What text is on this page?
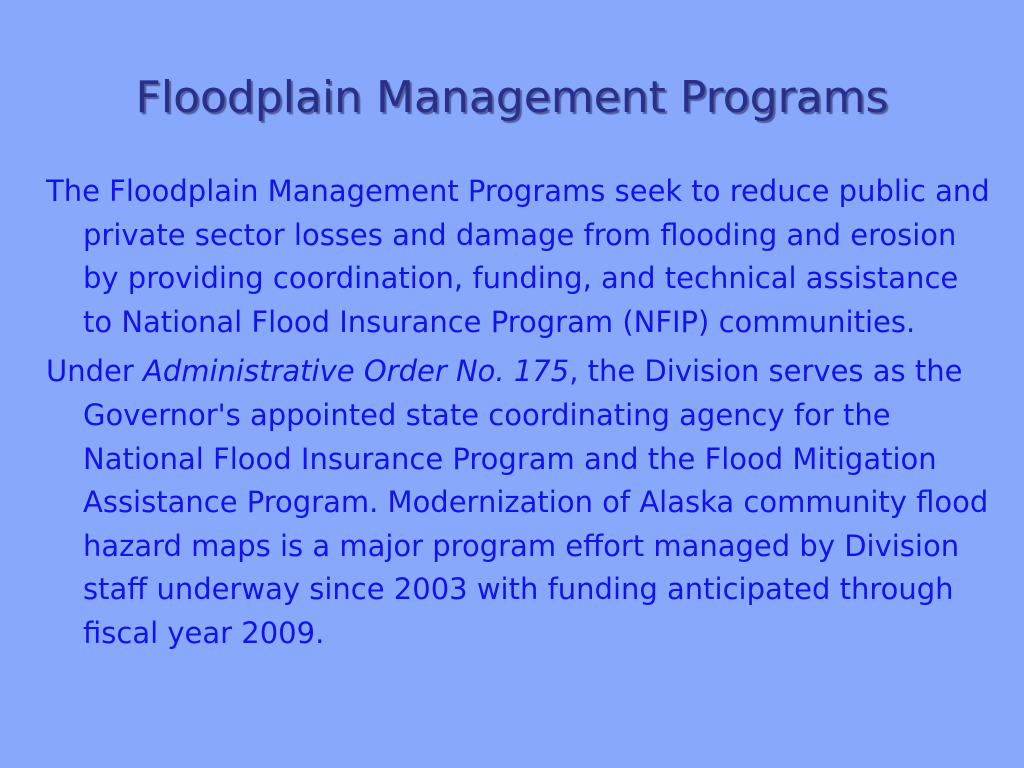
Floodplain Management Programs

The Floodplain Management Programs seek to reduce public and private sector losses and damage from flooding and erosion by providing coordination, funding, and technical assistance to National Flood Insurance Program (NFIP) communities.

Under Administrative Order No. 175, the Division serves as the Governor's appointed state coordinating agency for the National Flood Insurance Program and the Flood Mitigation Assistance Program. Modernization of Alaska community flood hazard maps is a major program effort managed by Division staff underway since 2003 with funding anticipated through fiscal year 2009.
